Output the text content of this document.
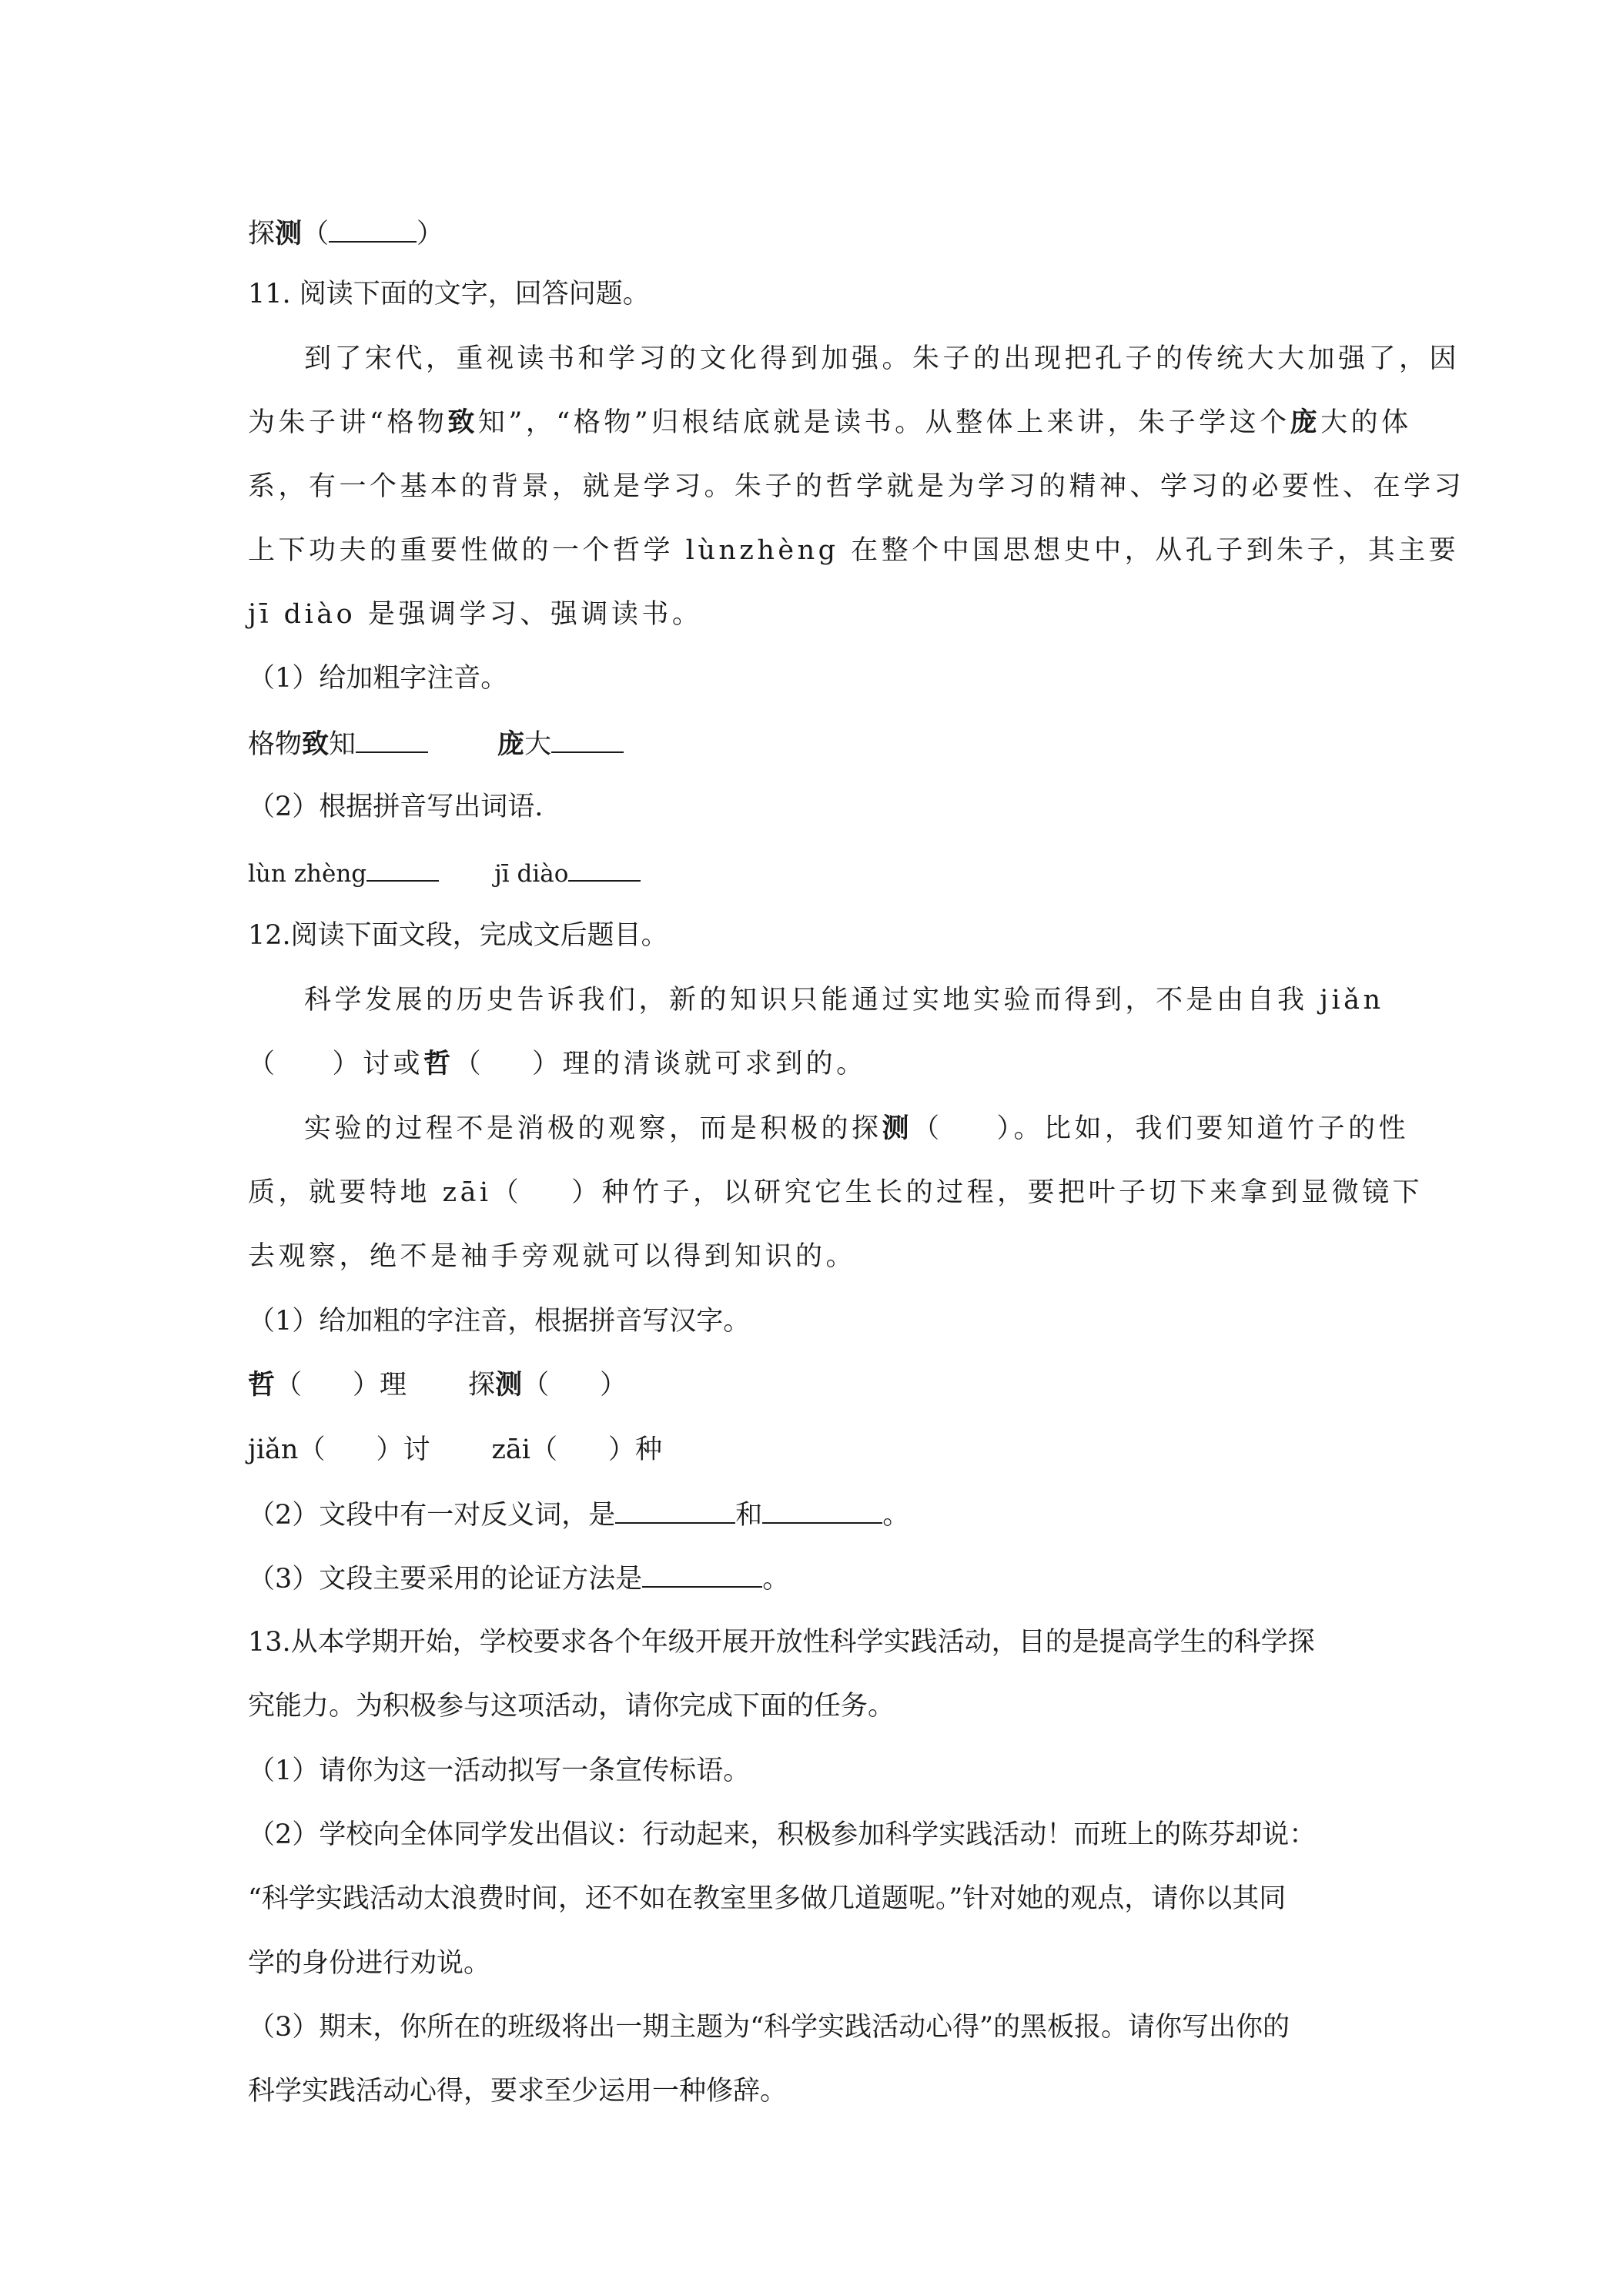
探测（	）
11. 阅读下面的文字，回答问题。
到了宋代，重视读书和学习的文化得到加强。朱子的出现把孔子的传统大大加强了，因
为朱子讲“格物致知”，“格物”归根结底就是读书。从整体上来讲，朱子学这个庞大的体
系，有一个基本的背景，就是学习。朱子的哲学就是为学习的精神、学习的必要性、在学习
上下功夫的重要性做的一个哲学 lùnzhèng 在整个中国思想史中，从孔子到朱子，其主要
jī diào 是强调学习、强调读书。
（1）给加粗字注音。
格物致知	庞大
（2）根据拼音写出词语.
lùn zhèng	jī diào
12.阅读下面文段，完成文后题目。
科学发展的历史告诉我们，新的知识只能通过实地实验而得到，不是由自我 jiǎn
（ ）讨或哲（ ）理的清谈就可求到的。
实验的过程不是消极的观察，而是积极的探测（ ）。比如，我们要知道竹子的性
质，就要特地 zāi（ ）种竹子，以研究它生长的过程，要把叶子切下来拿到显微镜下
去观察，绝不是袖手旁观就可以得到知识的。
（1）给加粗的字注音，根据拼音写汉字。
哲（ ）理 探测（ ）
jiǎn（ ）讨 zāi（ ）种
（2）文段中有一对反义词，是	和	。
（3）文段主要采用的论证方法是	。
13.从本学期开始，学校要求各个年级开展开放性科学实践活动，目的是提高学生的科学探
究能力。为积极参与这项活动，请你完成下面的任务。
（1）请你为这一活动拟写一条宣传标语。
（2）学校向全体同学发出倡议：行动起来，积极参加科学实践活动！而班上的陈芬却说：
“科学实践活动太浪费时间，还不如在教室里多做几道题呢。”针对她的观点，请你以其同
学的身份进行劝说。
（3）期末，你所在的班级将出一期主题为“科学实践活动心得”的黑板报。请你写出你的
科学实践活动心得，要求至少运用一种修辞。
